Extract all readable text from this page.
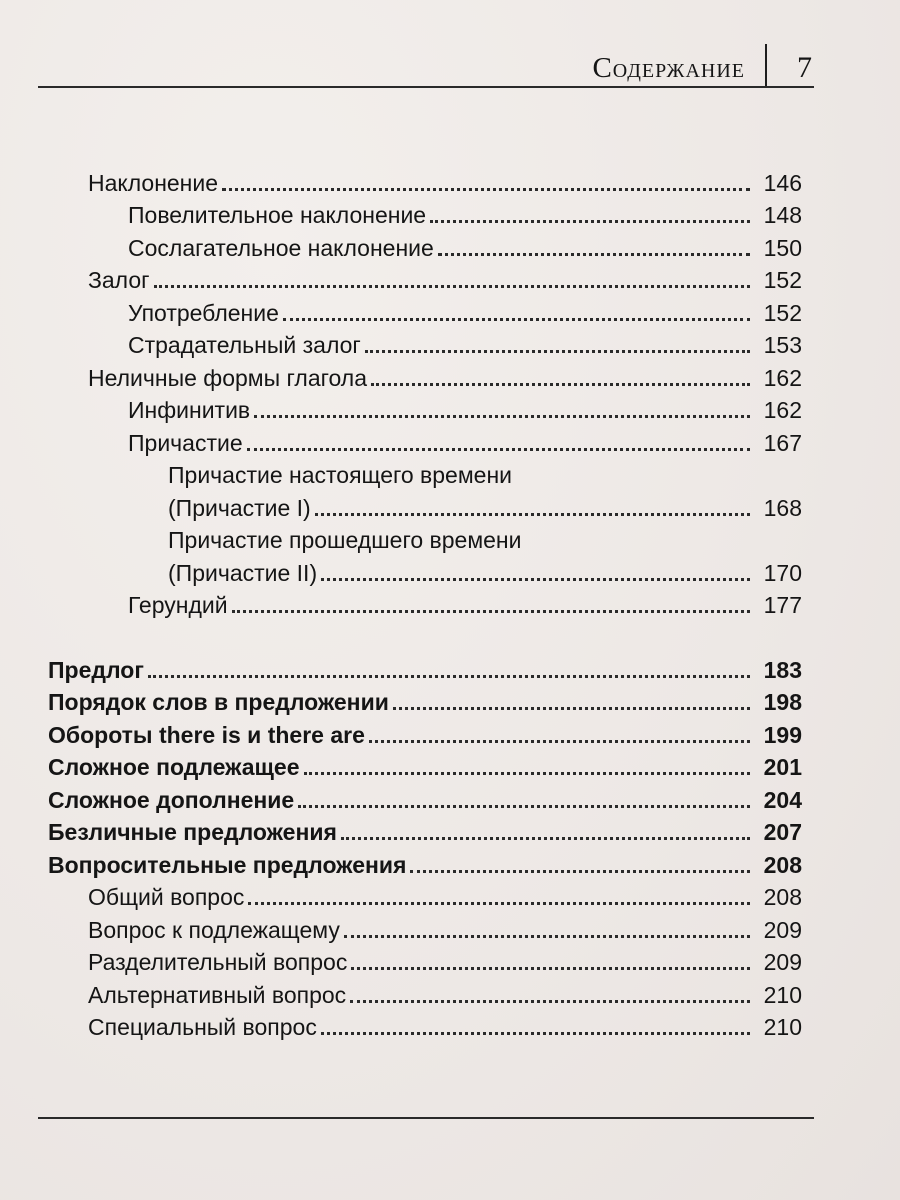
Содержание	7
Наклонение	146
Повелительное наклонение	148
Сослагательное наклонение	150
Залог	152
Употребление	152
Страдательный залог	153
Неличные формы глагола	162
Инфинитив	162
Причастие	167
Причастие настоящего времени
(Причастие I)	168
Причастие прошедшего времени
(Причастие II)	170
Герундий	177
Предлог	183
Порядок слов в предложении	198
Обороты there is и there are	199
Сложное подлежащее	201
Сложное дополнение	204
Безличные предложения	207
Вопросительные предложения	208
Общий вопрос	208
Вопрос к подлежащему	209
Разделительный вопрос	209
Альтернативный вопрос	210
Специальный вопрос	210
